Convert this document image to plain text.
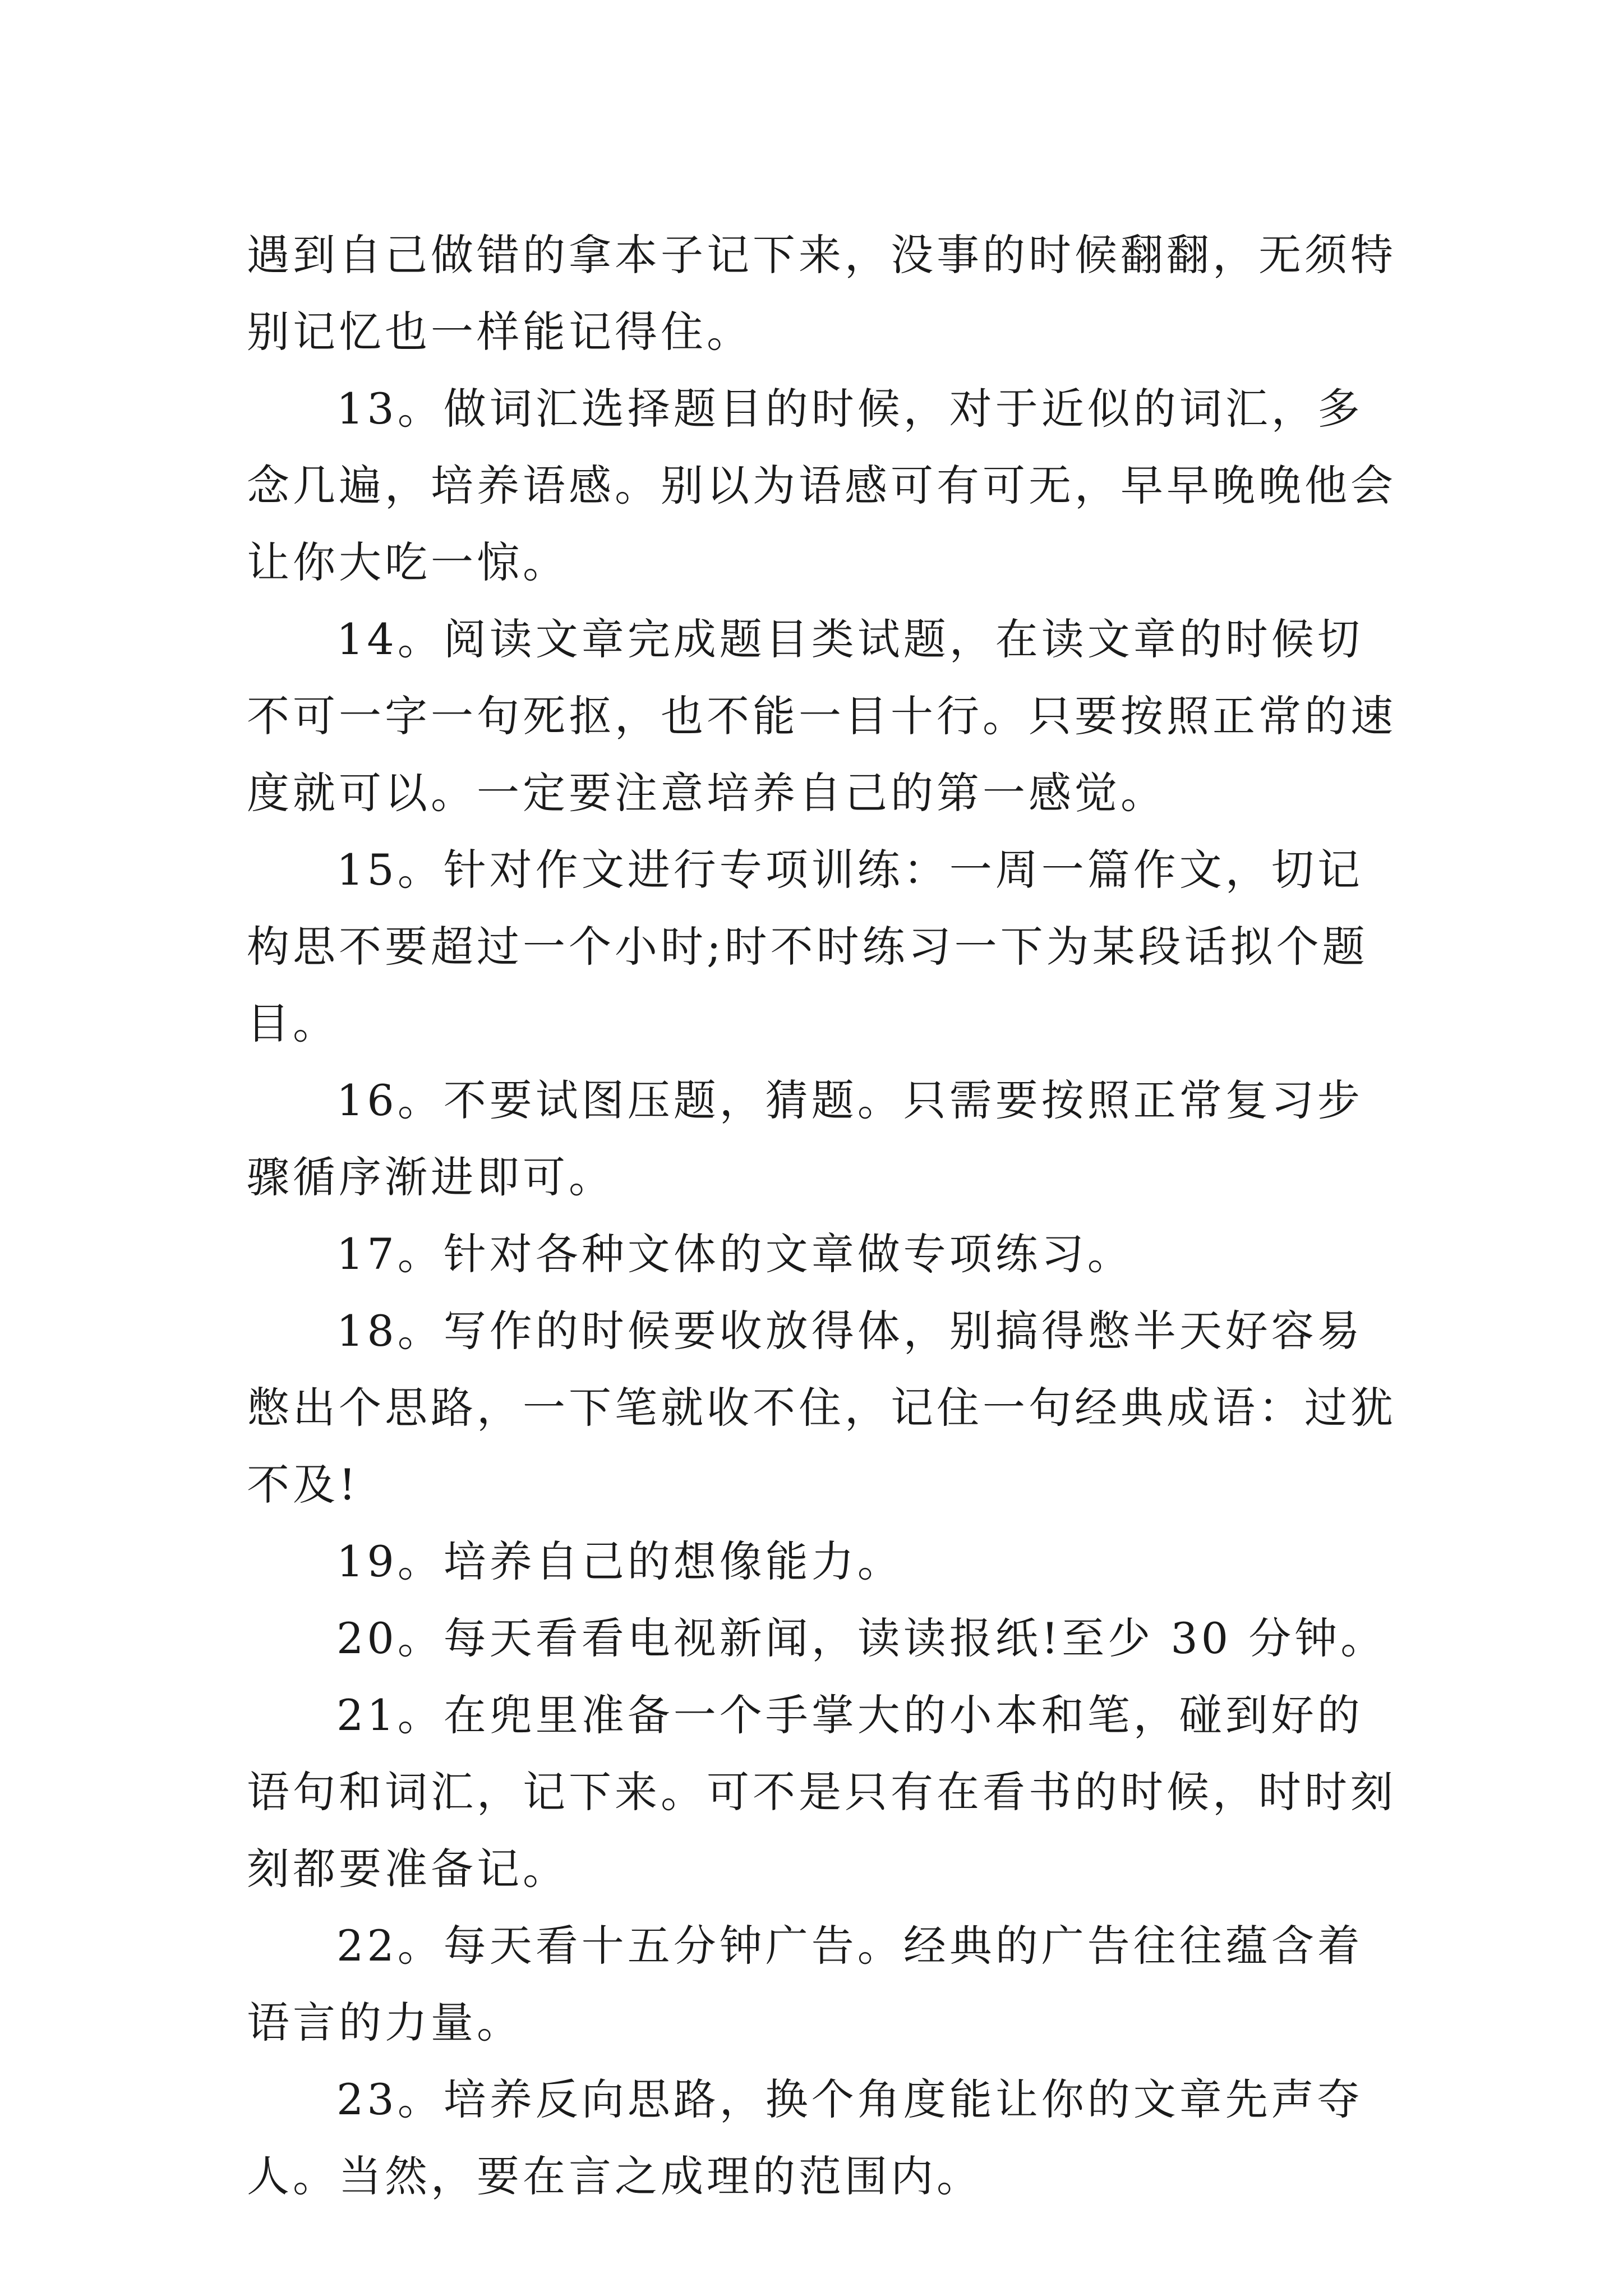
遇到自己做错的拿本子记下来，没事的时候翻翻，无须特别记忆也一样能记得住。

13。做词汇选择题目的时候，对于近似的词汇，多念几遍，培养语感。别以为语感可有可无，早早晚晚他会让你大吃一惊。

14。阅读文章完成题目类试题，在读文章的时候切不可一字一句死抠，也不能一目十行。只要按照正常的速度就可以。一定要注意培养自己的第一感觉。

15。针对作文进行专项训练：一周一篇作文，切记构思不要超过一个小时;时不时练习一下为某段话拟个题目。

16。不要试图压题，猜题。只需要按照正常复习步骤循序渐进即可。

17。针对各种文体的文章做专项练习。

18。写作的时候要收放得体，别搞得憋半天好容易憋出个思路，一下笔就收不住，记住一句经典成语：过犹不及!

19。培养自己的想像能力。

20。每天看看电视新闻，读读报纸!至少 30 分钟。

21。在兜里准备一个手掌大的小本和笔，碰到好的语句和词汇，记下来。可不是只有在看书的时候，时时刻刻都要准备记。

22。每天看十五分钟广告。经典的广告往往蕴含着语言的力量。

23。培养反向思路，换个角度能让你的文章先声夺人。当然，要在言之成理的范围内。
